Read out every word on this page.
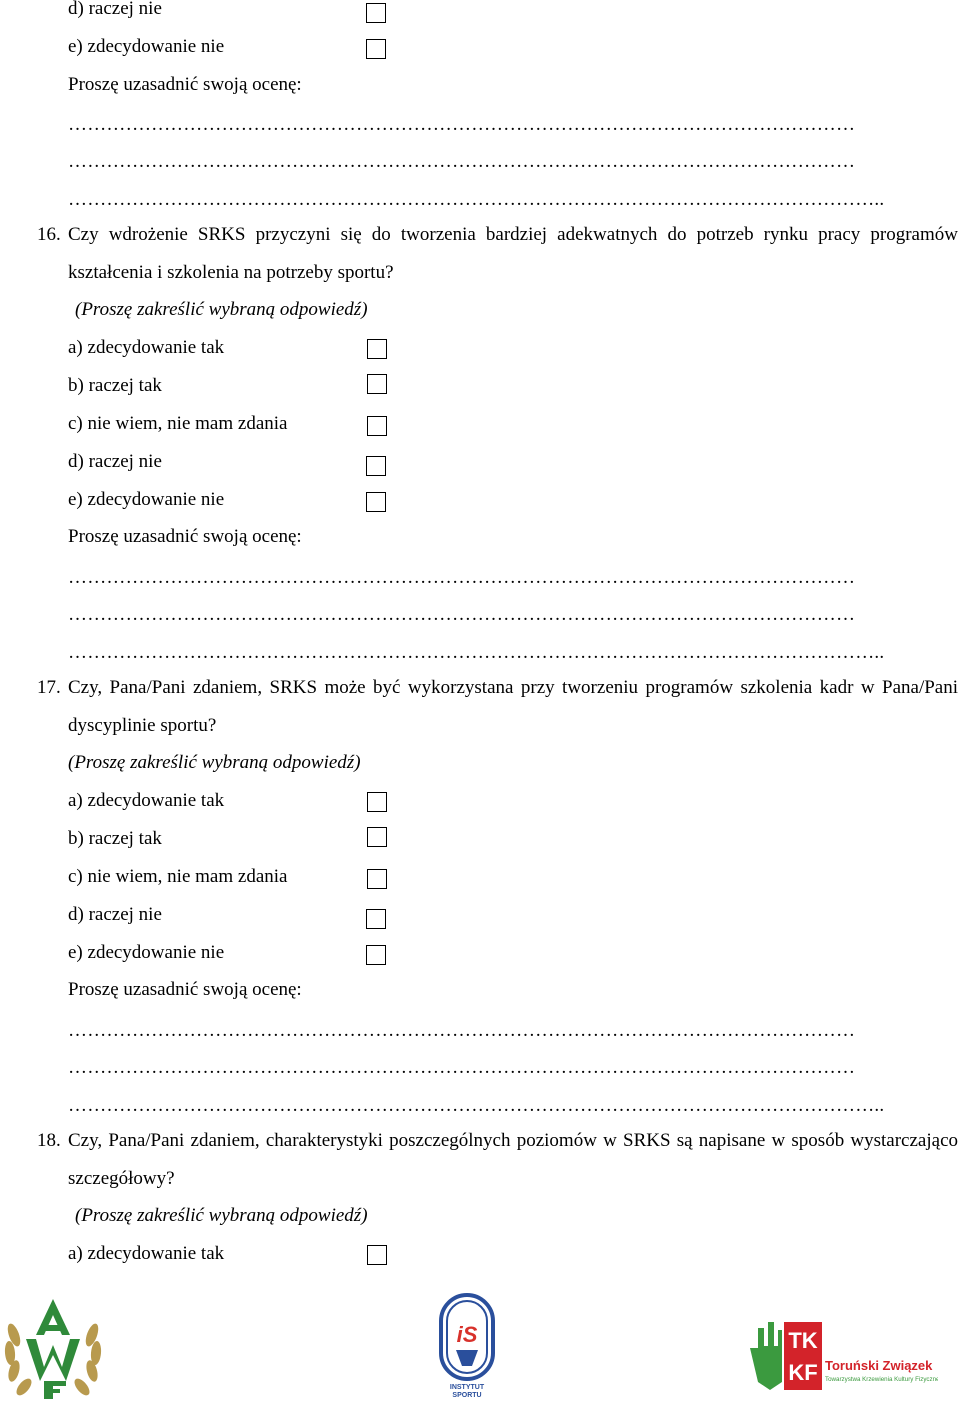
d) raczej nie
e) zdecydowanie nie
Proszę uzasadnić swoją ocenę:
……………………………………………………………………………………………………………
……………………………………………………………………………………………………………
………………………………………………………………………………………………………………..
16. Czy wdrożenie SRKS przyczyni się do tworzenia bardziej adekwatnych do potrzeb rynku pracy programów kształcenia i szkolenia na potrzeby sportu?
(Proszę zakreślić wybraną odpowiedź)
a) zdecydowanie tak
b) raczej tak
c) nie wiem, nie mam zdania
d) raczej nie
e) zdecydowanie nie
Proszę uzasadnić swoją ocenę:
……………………………………………………………………………………………………………
……………………………………………………………………………………………………………
………………………………………………………………………………………………………………..
17. Czy, Pana/Pani zdaniem, SRKS może być wykorzystana przy tworzeniu programów szkolenia kadr w Pana/Pani dyscyplinie sportu?
(Proszę zakreślić wybraną odpowiedź)
a) zdecydowanie tak
b) raczej tak
c) nie wiem, nie mam zdania
d) raczej nie
e) zdecydowanie nie
Proszę uzasadnić swoją ocenę:
……………………………………………………………………………………………………………
……………………………………………………………………………………………………………
………………………………………………………………………………………………………………..
18. Czy, Pana/Pani zdaniem, charakterystyki poszczególnych poziomów w SRKS są napisane w sposób wystarczająco szczegółowy?
(Proszę zakreślić wybraną odpowiedź)
a) zdecydowanie tak
iS
INSTYTUT
SPORTU
TK
KF Toruński Związek
Towarzystwa Krzewienia Kultury Fizycznej
